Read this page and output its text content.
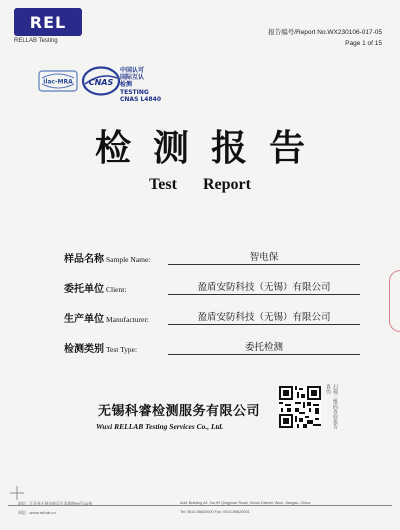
REL
RELLAB Testing
报告编号/Report No.WX230106-017-05
Page 1 of 15
ilac-MRA CNAS
中国认可
国际互认
检测
TESTING
CNAS L4840
检测报告
Test Report
样品名称 Sample Name:	智电保
委托单位 Client:	盈盾安防科技（无锡）有限公司
生产单位 Manufacturer:	盈盾安防科技（无锡）有限公司
检测类别 Test Type:	委托检测
无锡科睿检测服务有限公司
Wuxi RELLAB Testing Services Co., Ltd.	扫描二维码查验报告真伪
地址：江苏省无锡市新吴区清源路99号A1栋
网址：www.rellab.cn
Add: Building A1, No.99 Qingyuan Road, Xinwu District, Wuxi, Jiangsu, China
Tel: 0510-85620000 Fax: 0510-85620001
